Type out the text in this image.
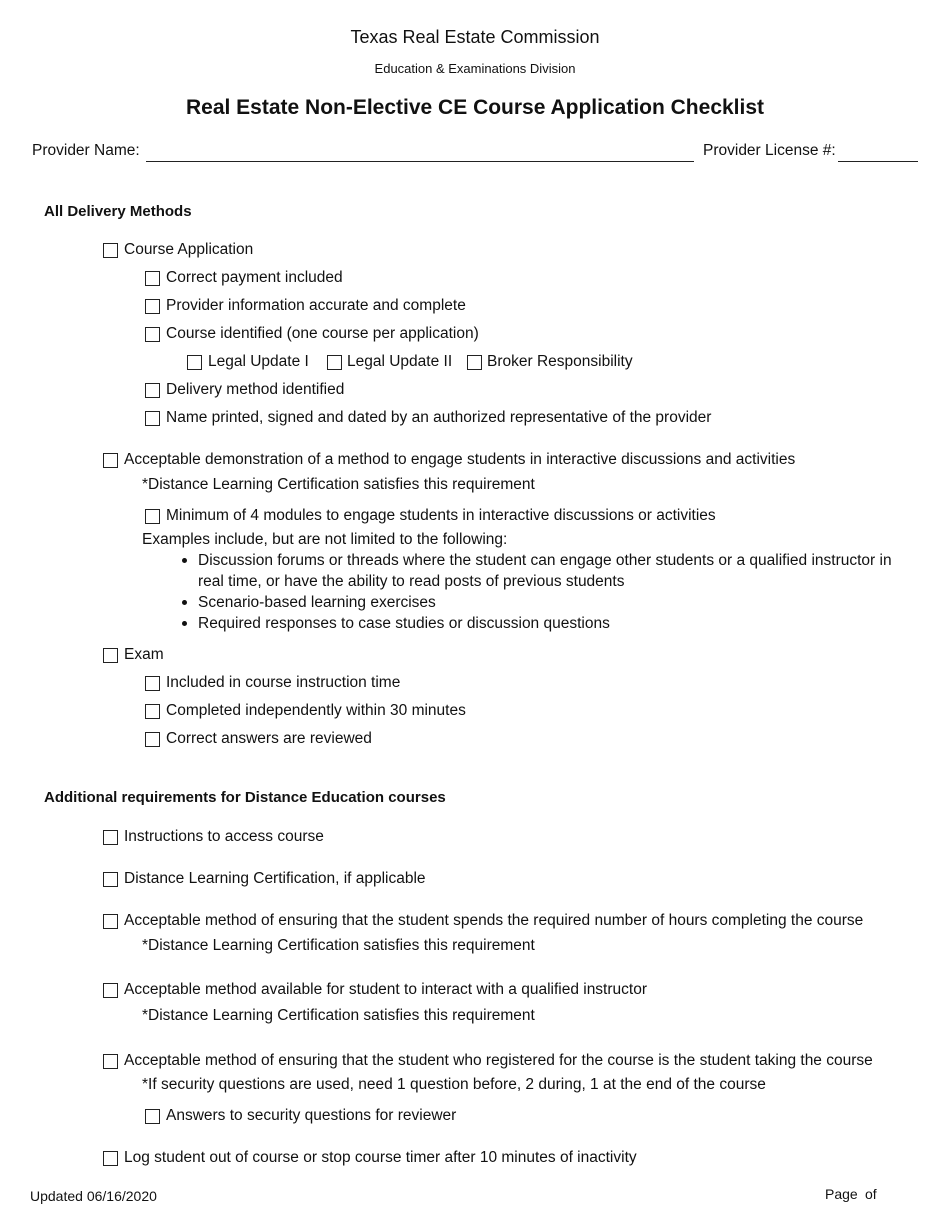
Texas Real Estate Commission
Education & Examinations Division
Real Estate Non-Elective CE Course Application Checklist
Provider Name:	Provider License #:
All Delivery Methods
Course Application
Correct payment included
Provider information accurate and complete
Course identified (one course per application)
Legal Update I Legal Update II Broker Responsibility
Delivery method identified
Name printed, signed and dated by an authorized representative of the provider
Acceptable demonstration of a method to engage students in interactive discussions and activities
*Distance Learning Certification satisfies this requirement
Minimum of 4 modules to engage students in interactive discussions or activities
Examples include, but are not limited to the following:
Discussion forums or threads where the student can engage other students or a qualified instructor in
real time, or have the ability to read posts of previous students
Scenario-based learning exercises
Required responses to case studies or discussion questions
Exam
Included in course instruction time
Completed independently within 30 minutes
Correct answers are reviewed
Additional requirements for Distance Education courses
Instructions to access course
Distance Learning Certification, if applicable
Acceptable method of ensuring that the student spends the required number of hours completing the course
*Distance Learning Certification satisfies this requirement
Acceptable method available for student to interact with a qualified instructor
*Distance Learning Certification satisfies this requirement
Acceptable method of ensuring that the student who registered for the course is the student taking the course
*If security questions are used, need 1 question before, 2 during, 1 at the end of the course
Answers to security questions for reviewer
Log student out of course or stop course timer after 10 minutes of inactivity
Updated 06/16/2020	Page of
